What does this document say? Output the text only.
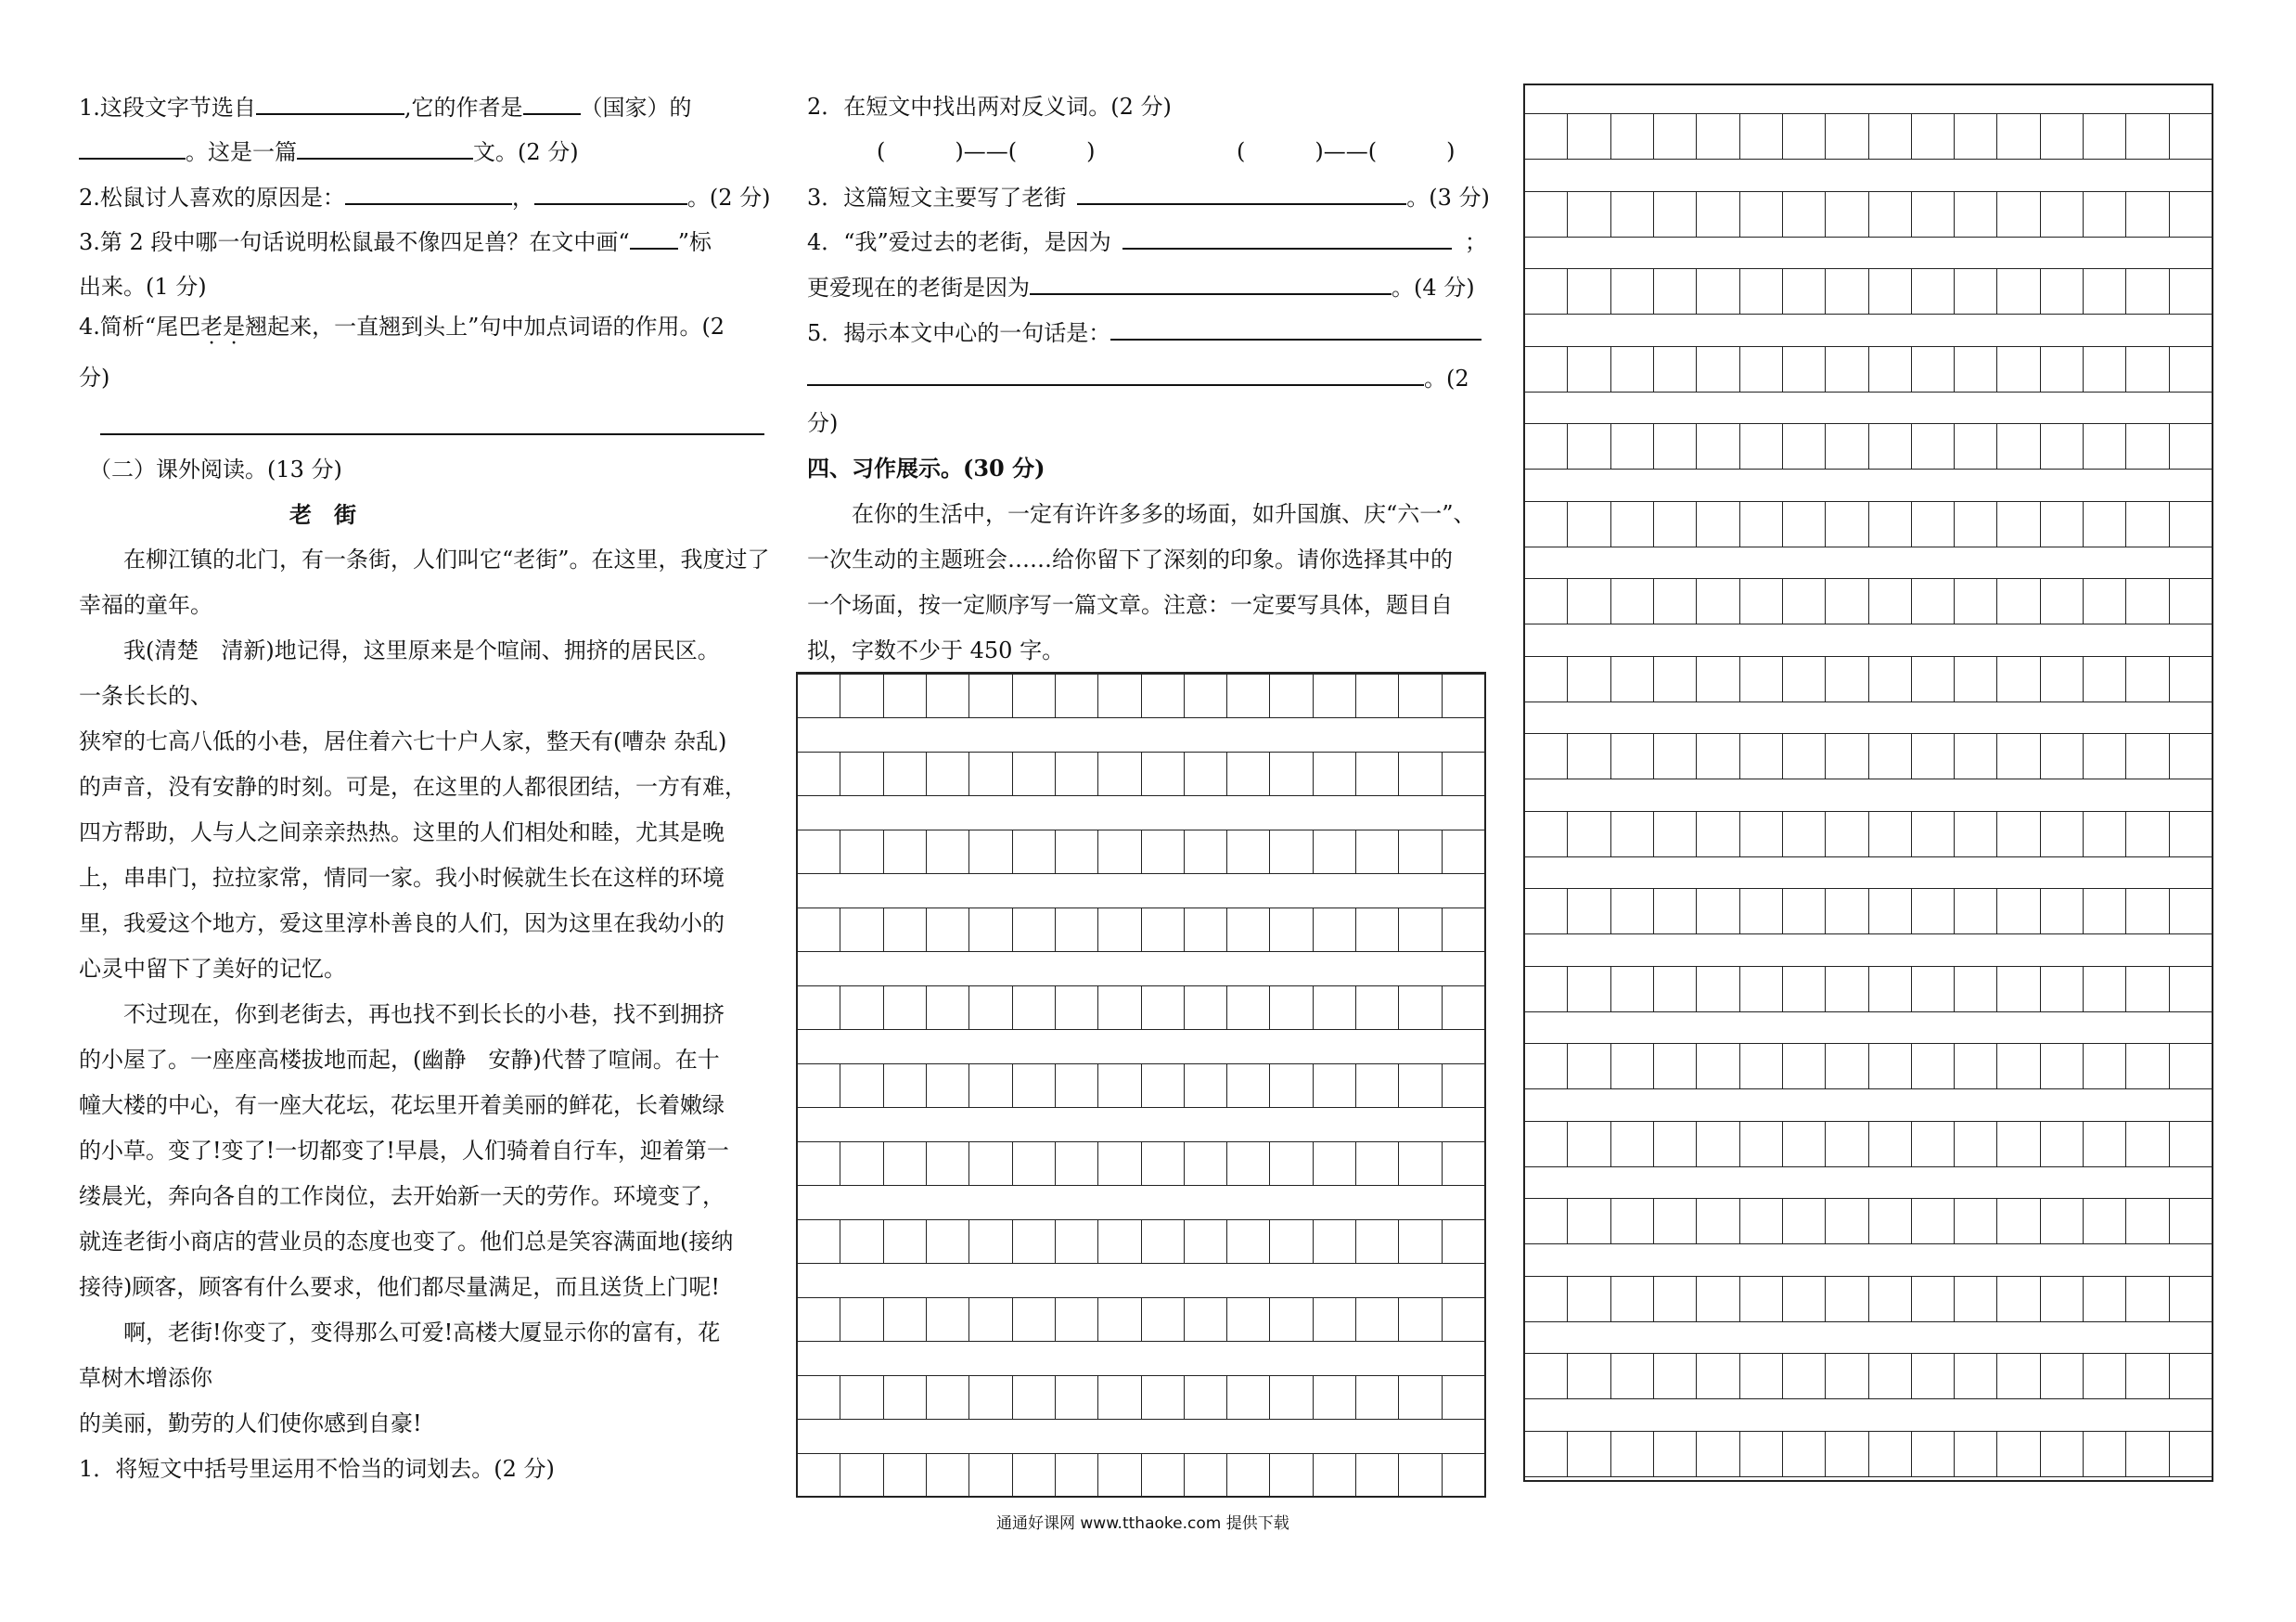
1.这段文字节选自	,它的作者是	（国家）的
。这是一篇	文。(2 分)
2.松鼠讨人喜欢的原因是：	，	。(2 分)
3.第 2 段中哪一句话说明松鼠最不像四足兽？在文中画“ ”标
出来。(1 分)
4.简析“尾巴老是翘起来，一直翘到头上”句中加点词语的作用。(2
分)
（二）课外阅读。(13 分)
老　街
　　在柳江镇的北门，有一条街，人们叫它“老街”。在这里，我度过了
幸福的童年。
　　我(清楚　清新)地记得，这里原来是个喧闹、拥挤的居民区。
一条长长的、
狭窄的七高八低的小巷，居住着六七十户人家，整天有(嘈杂 杂乱)
的声音，没有安静的时刻。可是，在这里的人都很团结，一方有难，
四方帮助，人与人之间亲亲热热。这里的人们相处和睦，尤其是晚
上，串串门，拉拉家常，情同一家。我小时候就生长在这样的环境
里，我爱这个地方，爱这里淳朴善良的人们，因为这里在我幼小的
心灵中留下了美好的记忆。
　　不过现在，你到老街去，再也找不到长长的小巷，找不到拥挤
的小屋了。一座座高楼拔地而起，(幽静　安静)代替了喧闹。在十
幢大楼的中心，有一座大花坛，花坛里开着美丽的鲜花，长着嫩绿
的小草。变了!变了!一切都变了!早晨，人们骑着自行车，迎着第一
缕晨光，奔向各自的工作岗位，去开始新一天的劳作。环境变了，
就连老街小商店的营业员的态度也变了。他们总是笑容满面地(接纳
接待)顾客，顾客有什么要求，他们都尽量满足，而且送货上门呢!
　　啊，老街!你变了，变得那么可爱!高楼大厦显示你的富有，花
草树木增添你
的美丽，勤劳的人们使你感到自豪!
1．将短文中括号里运用不恰当的词划去。(2 分)
2．在短文中找出两对反义词。(2 分)
(	)——(	)	(	)——(	)
3．这篇短文主要写了老街	。(3 分)
4．“我”爱过去的老街，是因为	；
更爱现在的老街是因为	。(4 分)
5．揭示本文中心的一句话是：
。(2
分)
四、习作展示。(30 分)
　　在你的生活中，一定有许许多多的场面，如升国旗、庆“六一”、
一次生动的主题班会……给你留下了深刻的印象。请你选择其中的
一个场面，按一定顺序写一篇文章。注意：一定要写具体，题目自
拟，字数不少于 450 字。
通通好课网 www.tthaoke.com 提供下载
